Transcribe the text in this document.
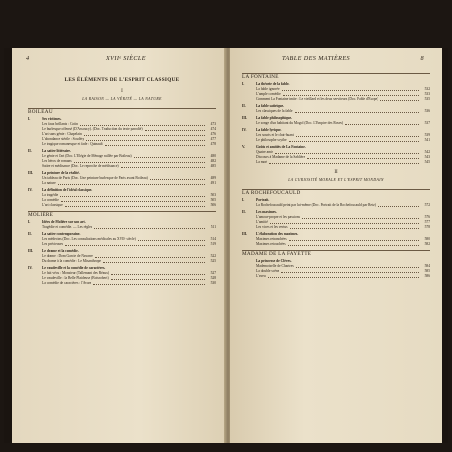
4	XVIIᵉ SIÈCLE
LES ÉLÉMENTS DE L'ESPRIT CLASSIQUE
I
LA RAISON — LA VÉRITÉ — LA NATURE
BOILEAU
I.	Ses victimes.
Les faux brillants : Cotin	473
Le burlesque offensé (D'Assoucy). (Doc. Traduction du texte parodié)	474
L'art sans génie : Chapelain	476
L'abondance stérile : Scudéry	477
Le tragique romanesque et fade : Quinault	478
II.	La satire littéraire.
Le génie et l'art (Doc. L'Élégie de Ménage raillée par Boileau)	480
Les héros de romans	482
Satire et médisance (Doc. Le reproche de médisance)	485
III.	La peinture de la réalité.
Un tableau de Paris (Doc. Une peinture burlesque de Paris avant Boileau)	489
La nature	491
IV.	La définition de l'idéal classique.
La tragédie	503
La comédie	505
L'art classique	506
MOLIÈRE
I.	Idées de Molière sur son art.
Tragédie et comédie. — Les règles	511
II.	La satire contemporaine.
Les médecins (Doc. Les consultations médicales au XVIIᵉ siècle)	514
Les précieuses	519
III.	Le drame et la comédie.
Le drame : Dom Garcie de Navarre	522
Du drame à la comédie : Le Misanthrope	525
IV.	Le vaudeville et la comédie de caractères.
Le fait vécu : Monsieur (Tallemant des Réaux)	527
Le vaudeville : la Belle Plaideuse (Boisrobert)	528
La comédie de caractères : l'Avare	530
TABLE DES MATIÈRES	8
LA FONTAINE
I.	La théorie de la fable.
La fable ignorée	532
L'ample comédie	533
Comment La Fontaine imite : Le vieillard et les deux serviteurs (Doc. Fable d'Ésope)	535
II.	La fable satirique.
Les classiques de la fable	536
III.	La fable philosophique.
Le songe d'un habitant du Mogol (Doc. L'Empire des Roses)	537
IV.	La fable lyrique.
Les souris et le chat-huant	539
Le philosophe scythe	541
V.	Goûts et amitiés de La Fontaine.
Quatre amis	542
Discours à Madame de la Sablière	543
La mort	545
II
LA CURIOSITÉ MORALE ET L'ESPRIT MONDAIN
LA ROCHEFOUCAULD
I.	Portrait.
La Rochefoucauld peint par lui-même (Doc. Portrait de la Rochefoucauld par Retz)	572
II.	Les maximes.
L'amour-propre et les passions	576
L'amitié	577
Les vices et les vertus	578
III.	L'élaboration des maximes.
Maximes retranchées	580
Maximes retouchées	582
MADAME DE LA FAYETTE
La princesse de Clèves.
Mademoiselle de Chartres	584
La double scène	585
L'aveu	586
